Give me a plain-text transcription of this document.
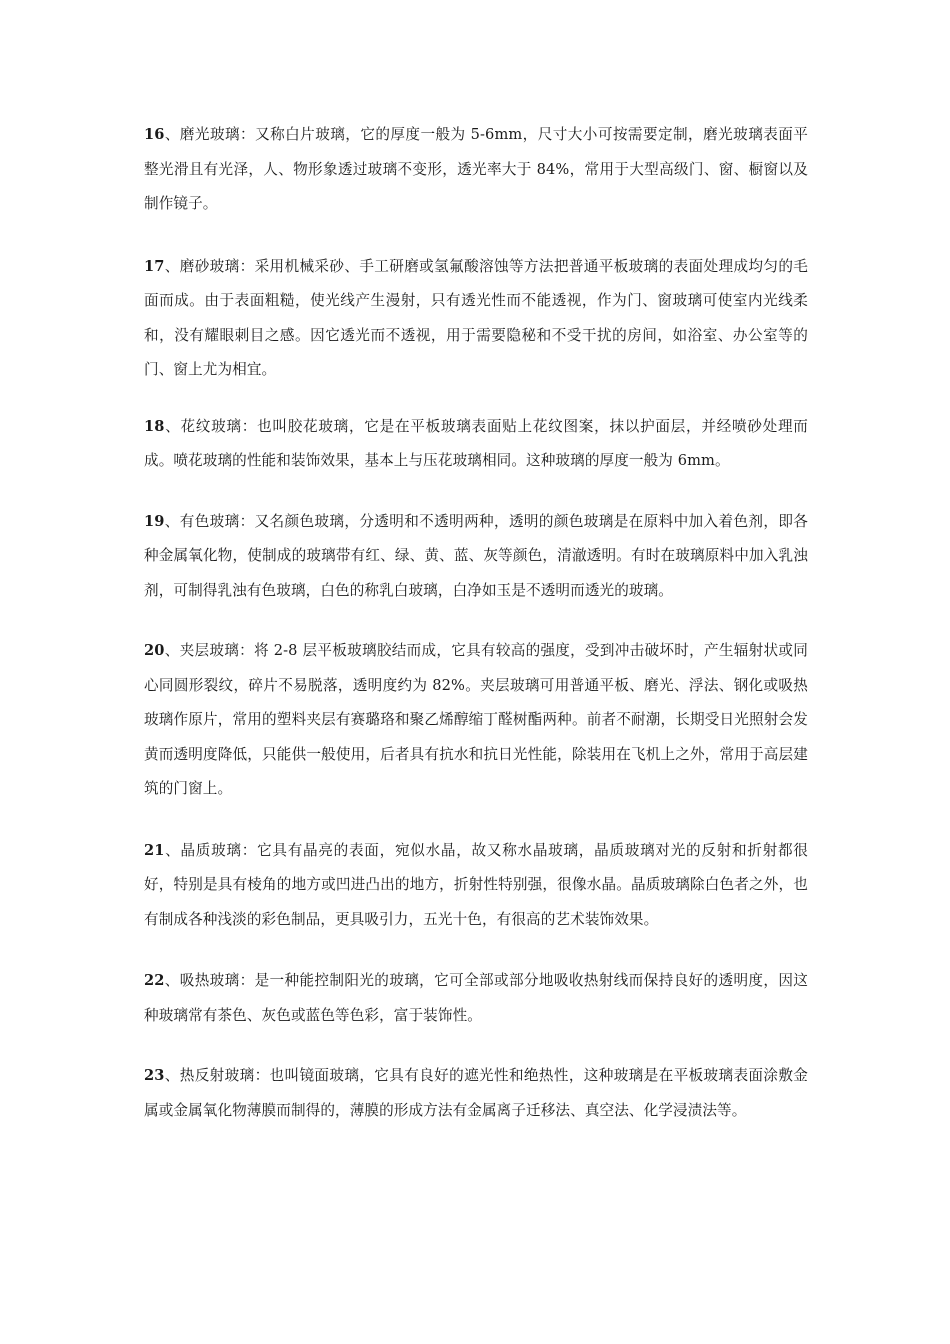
16、磨光玻璃：又称白片玻璃，它的厚度一般为 5-6mm，尺寸大小可按需要定制，磨光玻璃表面平整光滑且有光泽，人、物形象透过玻璃不变形，透光率大于 84%，常用于大型高级门、窗、橱窗以及制作镜子。

17、磨砂玻璃：采用机械采砂、手工研磨或氢氟酸溶蚀等方法把普通平板玻璃的表面处理成均匀的毛面而成。由于表面粗糙，使光线产生漫射，只有透光性而不能透视，作为门、窗玻璃可使室内光线柔和，没有耀眼刺目之感。因它透光而不透视，用于需要隐秘和不受干扰的房间，如浴室、办公室等的门、窗上尤为相宜。

18、花纹玻璃：也叫胶花玻璃，它是在平板玻璃表面贴上花纹图案，抹以护面层，并经喷砂处理而成。喷花玻璃的性能和装饰效果，基本上与压花玻璃相同。这种玻璃的厚度一般为 6mm。

19、有色玻璃：又名颜色玻璃，分透明和不透明两种，透明的颜色玻璃是在原料中加入着色剂，即各种金属氧化物，使制成的玻璃带有红、绿、黄、蓝、灰等颜色，清澈透明。有时在玻璃原料中加入乳浊剂，可制得乳浊有色玻璃，白色的称乳白玻璃，白净如玉是不透明而透光的玻璃。

20、夹层玻璃：将 2-8 层平板玻璃胶结而成，它具有较高的强度，受到冲击破坏时，产生辐射状或同心同圆形裂纹，碎片不易脱落，透明度约为 82%。夹层玻璃可用普通平板、磨光、浮法、钢化或吸热玻璃作原片，常用的塑料夹层有赛璐珞和聚乙烯醇缩丁醛树酯两种。前者不耐潮，长期受日光照射会发黄而透明度降低，只能供一般使用，后者具有抗水和抗日光性能，除装用在飞机上之外，常用于高层建筑的门窗上。

21、晶质玻璃：它具有晶亮的表面，宛似水晶，故又称水晶玻璃，晶质玻璃对光的反射和折射都很好，特别是具有棱角的地方或凹进凸出的地方，折射性特别强，很像水晶。晶质玻璃除白色者之外，也有制成各种浅淡的彩色制品，更具吸引力，五光十色，有很高的艺术装饰效果。

22、吸热玻璃：是一种能控制阳光的玻璃，它可全部或部分地吸收热射线而保持良好的透明度，因这种玻璃常有茶色、灰色或蓝色等色彩，富于装饰性。

23、热反射玻璃：也叫镜面玻璃，它具有良好的遮光性和绝热性，这种玻璃是在平板玻璃表面涂敷金属或金属氧化物薄膜而制得的，薄膜的形成方法有金属离子迁移法、真空法、化学浸渍法等。
